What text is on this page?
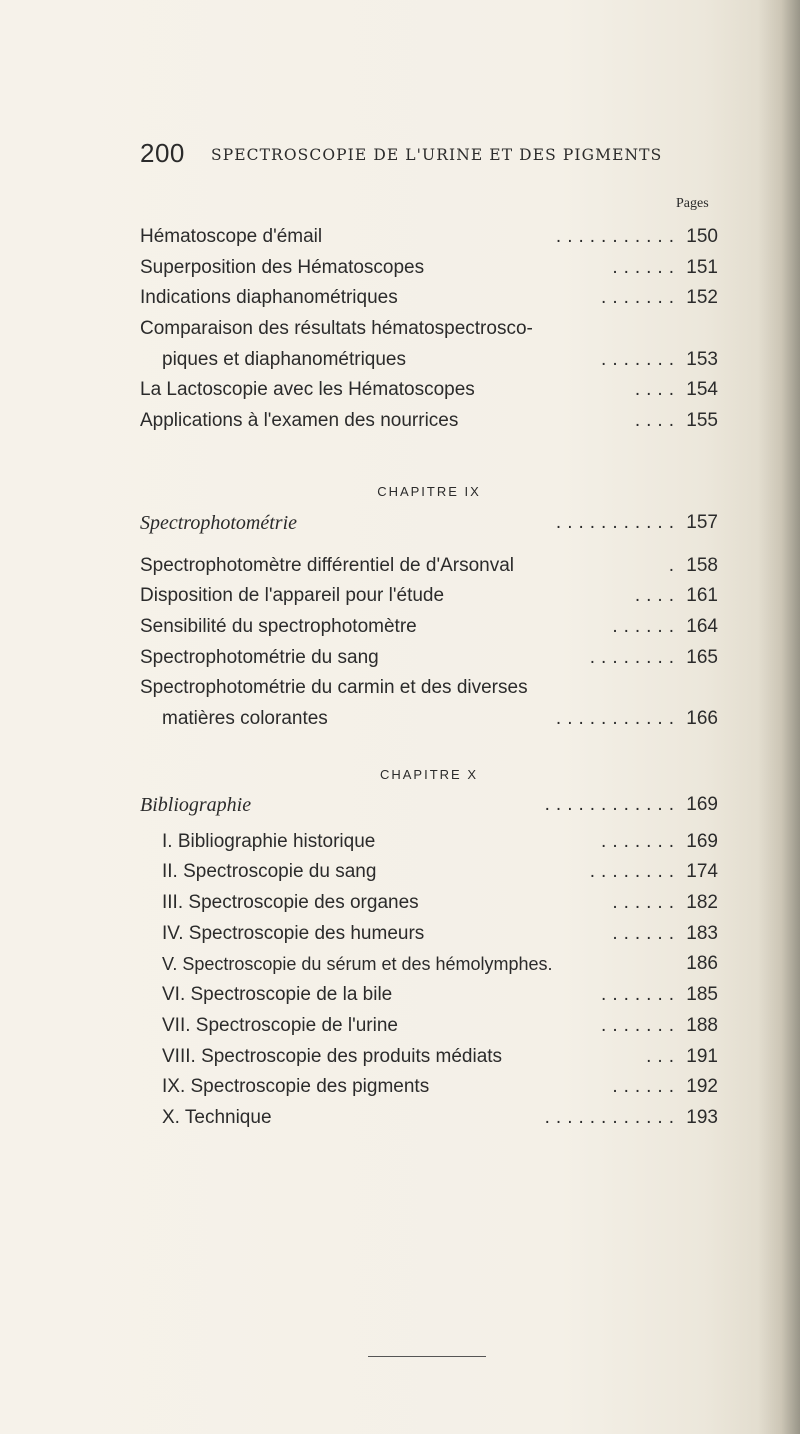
200 SPECTROSCOPIE DE L'URINE ET DES PIGMENTS
Pages
Hématoscope d'émail	........... 150
Superposition des Hématoscopes	...... 151
Indications diaphanométriques	....... 152
Comparaison des résultats hématospectrosco-
piques et diaphanométriques	....... 153
La Lactoscopie avec les Hématoscopes	.... 154
Applications à l'examen des nourrices	.... 155
CHAPITRE IX
Spectrophotométrie	........... 157
Spectrophotomètre différentiel de d'Arsonval	. 158
Disposition de l'appareil pour l'étude	.... 161
Sensibilité du spectrophotomètre	...... 164
Spectrophotométrie du sang	........ 165
Spectrophotométrie du carmin et des diverses
matières colorantes	........... 166
CHAPITRE X
Bibliographie	............ 169
I. Bibliographie historique	....... 169
II. Spectroscopie du sang	........ 174
III. Spectroscopie des organes	...... 182
IV. Spectroscopie des humeurs	...... 183
V. Spectroscopie du sérum et des hémolymphes.	186
VI. Spectroscopie de la bile	....... 185
VII. Spectroscopie de l'urine	....... 188
VIII. Spectroscopie des produits médiats	... 191
IX. Spectroscopie des pigments	...... 192
X. Technique	............ 193
